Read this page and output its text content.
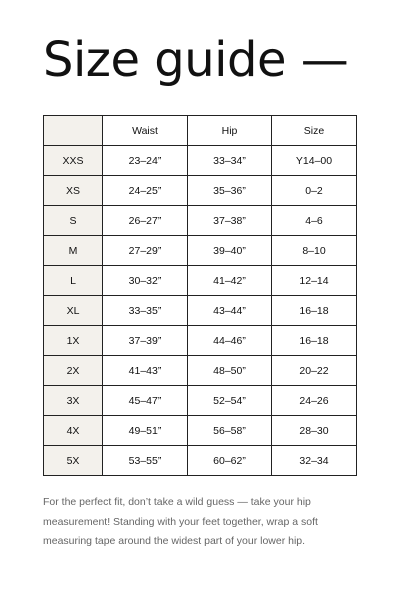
Size guide —
	Waist	Hip	Size
XXS	23–24”	33–34”	Y14–00
XS	24–25”	35–36”	0–2
S	26–27”	37–38”	4–6
M	27–29”	39–40”	8–10
L	30–32”	41–42”	12–14
XL	33–35”	43–44”	16–18
1X	37–39”	44–46”	16–18
2X	41–43”	48–50”	20–22
3X	45–47”	52–54”	24–26
4X	49–51”	56–58”	28–30
5X	53–55”	60–62”	32–34

For the perfect fit, don’t take a wild guess — take your hip measurement! Standing with your feet together, wrap a soft measuring tape around the widest part of your lower hip.
